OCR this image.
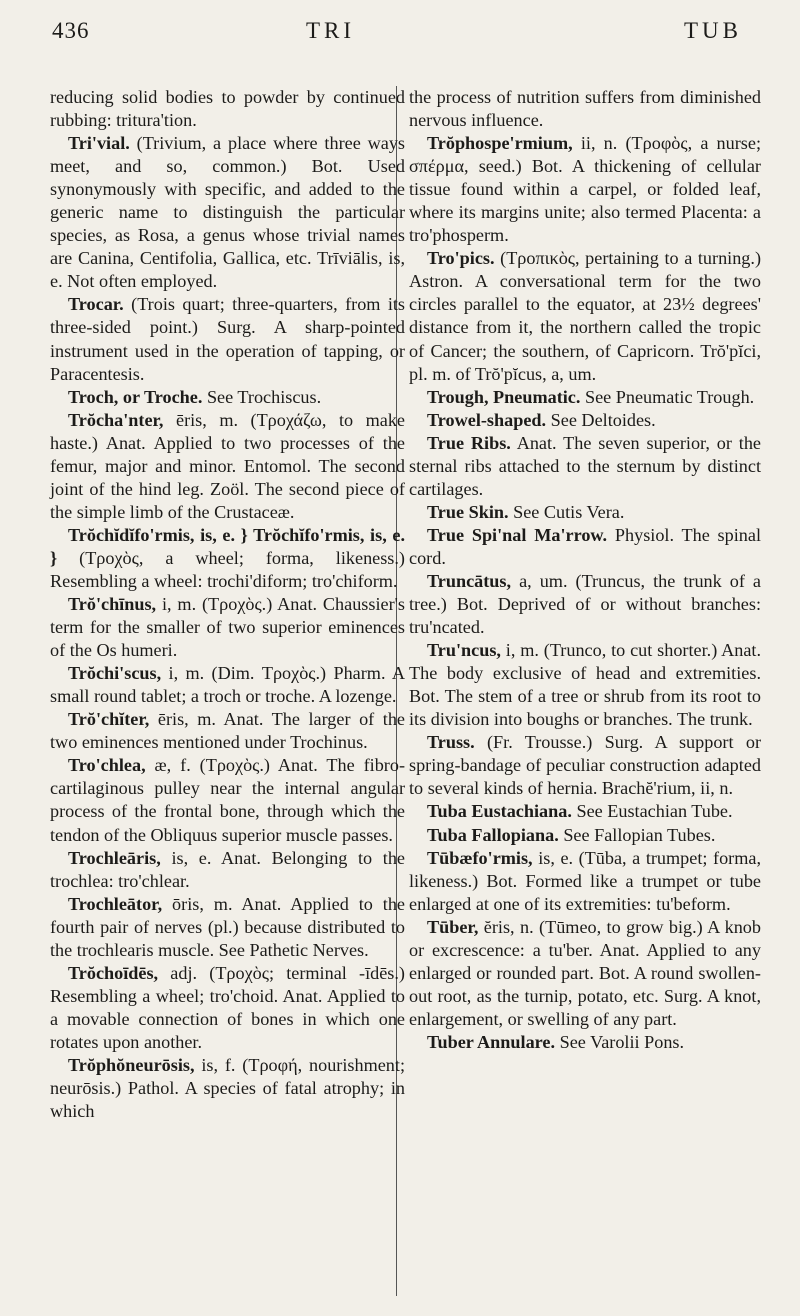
436	TRI	TUB

reducing solid bodies to powder by continued rubbing: tritura'tion.

Tri'vial. (Trivium, a place where three ways meet, and so, common.) Bot. Used synonymously with specific, and added to the generic name to distinguish the particular species, as Rosa, a genus whose trivial names are Canina, Centifolia, Gallica, etc. Trīviālis, is, e. Not often employed.

Trocar. (Trois quart; three-quarters, from its three-sided point.) Surg. A sharp-pointed instrument used in the operation of tapping, or Paracentesis.

Troch, or Troche. See Trochiscus.

Trŏcha'nter, ēris, m. (Τροχάζω, to make haste.) Anat. Applied to two processes of the femur, major and minor. Entomol. The second joint of the hind leg. Zoöl. The second piece of the simple limb of the Crustaceæ.

Trŏchĭdĭfo'rmis, is, e. } Trŏchĭfo'rmis, is, e. } (Τροχὸς, a wheel; forma, likeness.) Resembling a wheel: trochi'diform; tro'chiform.

Trŏ'chīnus, i, m. (Τροχὸς.) Anat. Chaussier's term for the smaller of two superior eminences of the Os humeri.

Trŏchi'scus, i, m. (Dim. Τροχὸς.) Pharm. A small round tablet; a troch or troche. A lozenge.

Trŏ'chĭter, ēris, m. Anat. The larger of the two eminences mentioned under Trochinus.

Tro'chlea, æ, f. (Τροχὸς.) Anat. The fibro-cartilaginous pulley near the internal angular process of the frontal bone, through which the tendon of the Obliquus superior muscle passes.

Trochleāris, is, e. Anat. Belonging to the trochlea: tro'chlear.

Trochleātor, ōris, m. Anat. Applied to the fourth pair of nerves (pl.) because distributed to the trochlearis muscle. See Pathetic Nerves.

Trŏchoīdēs, adj. (Τροχὸς; terminal -īdēs.) Resembling a wheel; tro'choid. Anat. Applied to a movable connection of bones in which one rotates upon another.

Trŏphŏneurōsis, is, f. (Τροφή, nourishment; neurōsis.) Pathol. A species of fatal atrophy; in which

the process of nutrition suffers from diminished nervous influence.

Trŏphospe'rmium, ii, n. (Τροφὸς, a nurse; σπέρμα, seed.) Bot. A thickening of cellular tissue found within a carpel, or folded leaf, where its margins unite; also termed Placenta: a tro'phosperm.

Tro'pics. (Τροπικὸς, pertaining to a turning.) Astron. A conversational term for the two circles parallel to the equator, at 23½ degrees' distance from it, the northern called the tropic of Cancer; the southern, of Capricorn. Trŏ'pĭci, pl. m. of Trŏ'pĭcus, a, um.

Trough, Pneumatic. See Pneumatic Trough.

Trowel-shaped. See Deltoides.

True Ribs. Anat. The seven superior, or the sternal ribs attached to the sternum by distinct cartilages.

True Skin. See Cutis Vera.

True Spi'nal Ma'rrow. Physiol. The spinal cord.

Truncātus, a, um. (Truncus, the trunk of a tree.) Bot. Deprived of or without branches: tru'ncated.

Tru'ncus, i, m. (Trunco, to cut shorter.) Anat. The body exclusive of head and extremities. Bot. The stem of a tree or shrub from its root to its division into boughs or branches. The trunk.

Truss. (Fr. Trousse.) Surg. A support or spring-bandage of peculiar construction adapted to several kinds of hernia. Brachĕ'rium, ii, n.

Tuba Eustachiana. See Eustachian Tube.

Tuba Fallopiana. See Fallopian Tubes.

Tūbæfo'rmis, is, e. (Tūba, a trumpet; forma, likeness.) Bot. Formed like a trumpet or tube enlarged at one of its extremities: tu'beform.

Tūber, ĕris, n. (Tūmeo, to grow big.) A knob or excrescence: a tu'ber. Anat. Applied to any enlarged or rounded part. Bot. A round swollen-out root, as the turnip, potato, etc. Surg. A knot, enlargement, or swelling of any part.

Tuber Annulare. See Varolii Pons.
